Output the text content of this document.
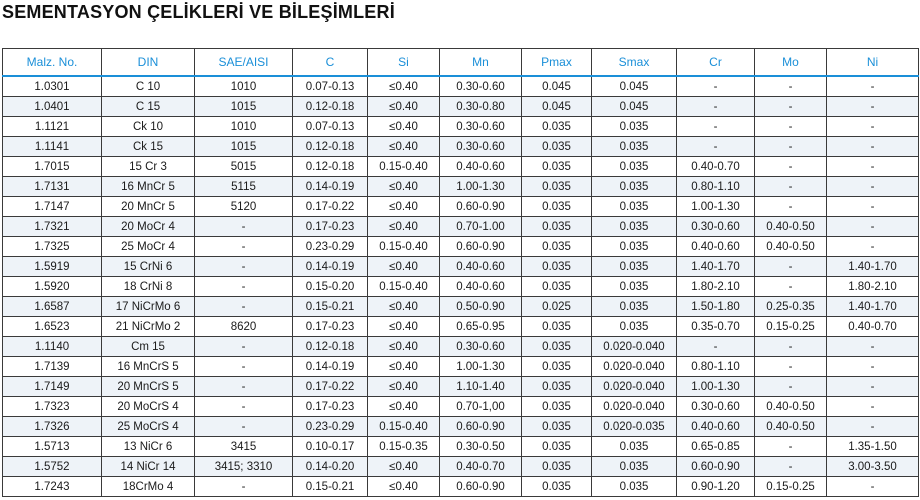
SEMENTASYON ÇELİKLERİ VE BİLEŞİMLERİ
Malz. No.	DIN	SAE/AISI	C	Si	Mn	Pmax	Smax	Cr	Mo	Ni
1.0301	C 10	1010	0.07-0.13	≤0.40	0.30-0.60	0.045	0.045	-	-	-
1.0401	C 15	1015	0.12-0.18	≤0.40	0.30-0.80	0.045	0.045	-	-	-
1.1121	Ck 10	1010	0.07-0.13	≤0.40	0.30-0.60	0.035	0.035	-	-	-
1.1141	Ck 15	1015	0.12-0.18	≤0.40	0.30-0.60	0.035	0.035	-	-	-
1.7015	15 Cr 3	5015	0.12-0.18	0.15-0.40	0.40-0.60	0.035	0.035	0.40-0.70	-	-
1.7131	16 MnCr 5	5115	0.14-0.19	≤0.40	1.00-1.30	0.035	0.035	0.80-1.10	-	-
1.7147	20 MnCr 5	5120	0.17-0.22	≤0.40	0.60-0.90	0.035	0.035	1.00-1.30	-	-
1.7321	20 MoCr 4	-	0.17-0.23	≤0.40	0.70-1.00	0.035	0.035	0.30-0.60	0.40-0.50	-
1.7325	25 MoCr 4	-	0.23-0.29	0.15-0.40	0.60-0.90	0.035	0.035	0.40-0.60	0.40-0.50	-
1.5919	15 CrNi 6	-	0.14-0.19	≤0.40	0.40-0.60	0.035	0.035	1.40-1.70	-	1.40-1.70
1.5920	18 CrNi 8	-	0.15-0.20	0.15-0.40	0.40-0.60	0.035	0.035	1.80-2.10	-	1.80-2.10
1.6587	17 NiCrMo 6	-	0.15-0.21	≤0.40	0.50-0.90	0.025	0.035	1.50-1.80	0.25-0.35	1.40-1.70
1.6523	21 NiCrMo 2	8620	0.17-0.23	≤0.40	0.65-0.95	0.035	0.035	0.35-0.70	0.15-0.25	0.40-0.70
1.1140	Cm 15	-	0.12-0.18	≤0.40	0.30-0.60	0.035	0.020-0.040	-	-	-
1.7139	16 MnCrS 5	-	0.14-0.19	≤0.40	1.00-1.30	0.035	0.020-0.040	0.80-1.10	-	-
1.7149	20 MnCrS 5	-	0.17-0.22	≤0.40	1.10-1.40	0.035	0.020-0.040	1.00-1.30	-	-
1.7323	20 MoCrS 4	-	0.17-0.23	≤0.40	0.70-1,00	0.035	0.020-0.040	0.30-0.60	0.40-0.50	-
1.7326	25 MoCrS 4	-	0.23-0.29	0.15-0.40	0.60-0.90	0.035	0.020-0.035	0.40-0.60	0.40-0.50	-
1.5713	13 NiCr 6	3415	0.10-0.17	0.15-0.35	0.30-0.50	0.035	0.035	0.65-0.85	-	1.35-1.50
1.5752	14 NiCr 14	3415; 3310	0.14-0.20	≤0.40	0.40-0.70	0.035	0.035	0.60-0.90	-	3.00-3.50
1.7243	18CrMo 4	-	0.15-0.21	≤0.40	0.60-0.90	0.035	0.035	0.90-1.20	0.15-0.25	-
